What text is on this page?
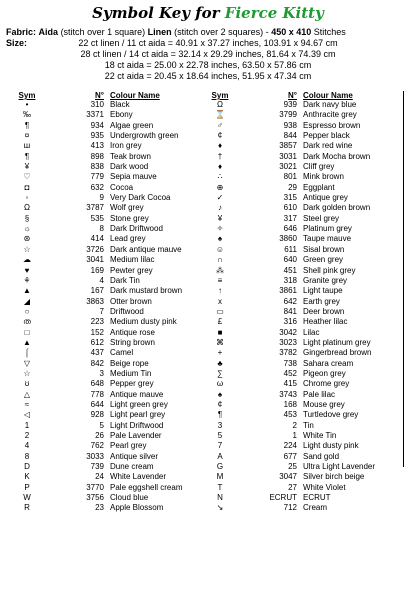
Symbol Key for Fierce Kitty
Fabric: Aida (stitch over 1 square) Linen (stitch over 2 squares) - 450 x 410 Stitches
Size:	22 ct linen / 11 ct aida = 40.91 x 37.27 inches, 103.91 x 94.67 cm
28 ct linen / 14 ct aida = 32.14 x 29.29 inches, 81.64 x 74.39 cm
18 ct aida = 25.00 x 22.78 inches, 63.50 x 57.86 cm
22 ct aida = 20.45 x 18.64 inches, 51.95 x 47.34 cm
Sym	N°	Colour Name
•	310	Black
‰	3371	Ebony
¶	934	Algae green
¤	935	Undergrowth green
ш	413	Iron grey
¶	898	Teak brown
¥	838	Dark wood
♡	779	Sepia mauve
◘	632	Cocoa
◦	9	Very Dark Cocoa
Ω	3787	Wolf grey
§	535	Stone grey
☼	8	Dark Driftwood
⊛	414	Lead grey
☆	3726	Dark antique mauve
☁	3041	Medium lilac
♥	169	Pewter grey
⚘	4	Dark Tin
▲	167	Dark mustard brown
◢	3863	Otter brown
○	7	Driftwood
ത	223	Medium dusty pink
□	152	Antique rose
▲	612	String brown
⌠	437	Camel
▽	842	Beige rope
☆	3	Medium Tin
ʊ	648	Pepper grey
△	778	Antique mauve
≈	644	Light green grey
◁	928	Light pearl grey
1	5	Light Driftwood
2	26	Pale Lavender
4	762	Pearl grey
8	3033	Antique silver
D	739	Dune cream
K	24	White Lavender
P	3770	Pale eggshell cream
W	3756	Cloud blue
R	23	Apple Blossom
Sym	N°	Colour Name
Ω	939	Dark navy blue
⌛	3799	Anthracite grey
♂	938	Espresso brown
¢	844	Pepper black
♦	3857	Dark red wine
†	3031	Dark Mocha brown
♦	3021	Cliff grey
∴	801	Mink brown
⊕	29	Eggplant
✓	315	Antique grey
♪	610	Dark golden brown
¥	317	Steel grey
✧	646	Platinum grey
♠	3860	Taupe mauve
☺	611	Sisal brown
∩	640	Green grey
⁂	451	Shell pink grey
≡	318	Granite grey
↑	3861	Light taupe
x	642	Earth grey
▭	841	Deer brown
£	316	Heather lilac
■	3042	Lilac
⌘	3023	Light platinum grey
+	3782	Gingerbread brown
♣	738	Sahara cream
∑	452	Pigeon grey
ω	415	Chrome grey
♠	3743	Pale lilac
¢	168	Mouse grey
¶	453	Turtledove grey
3	2	Tin
5	1	White Tin
7	224	Light dusty pink
A	677	Sand gold
G	25	Ultra Light Lavender
M	3047	Silver birch beige
T	27	White Violet
N	ECRUT	ECRUT
↘	712	Cream
